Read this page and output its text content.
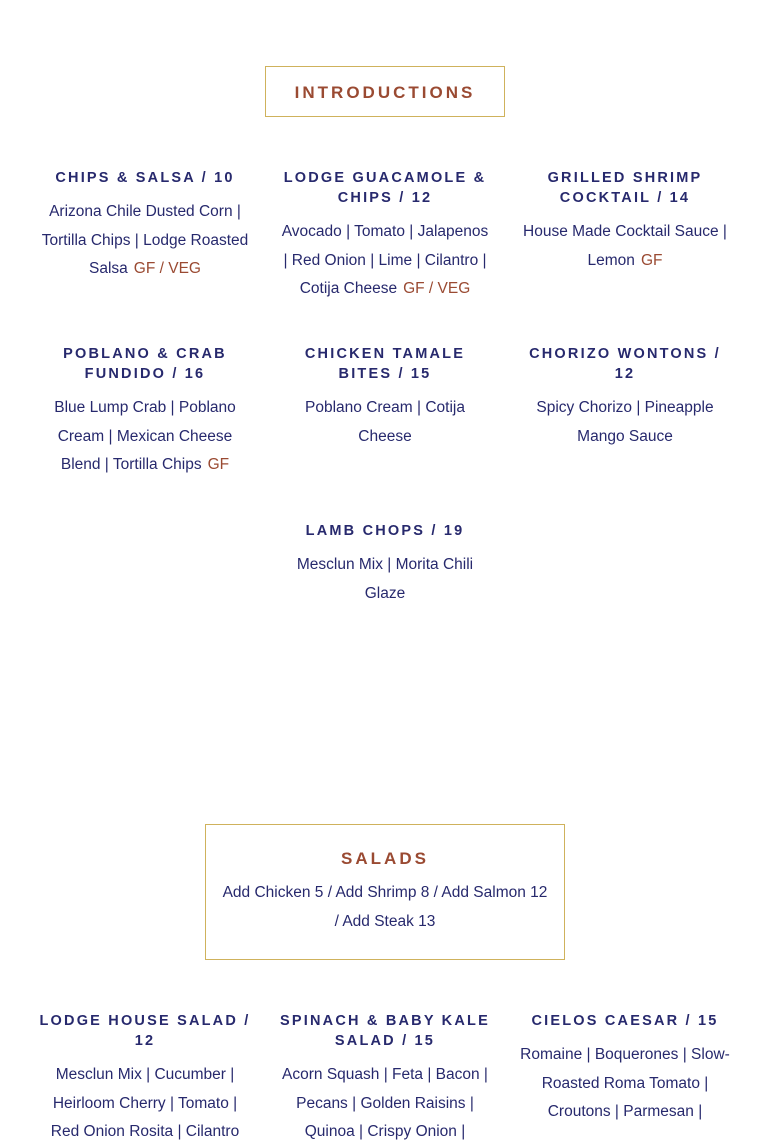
INTRODUCTIONS
CHIPS & SALSA / 10

Arizona Chile Dusted Corn | Tortilla Chips | Lodge Roasted Salsa GF / VEG

LODGE GUACAMOLE & CHIPS / 12

Avocado | Tomato | Jalapenos | Red Onion | Lime | Cilantro | Cotija Cheese GF / VEG

GRILLED SHRIMP COCKTAIL / 14

House Made Cocktail Sauce | Lemon GF

POBLANO & CRAB FUNDIDO / 16

Blue Lump Crab | Poblano Cream | Mexican Cheese Blend | Tortilla Chips GF

CHICKEN TAMALE BITES / 15

Poblano Cream | Cotija Cheese

CHORIZO WONTONS / 12

Spicy Chorizo | Pineapple Mango Sauce

LAMB CHOPS / 19

Mesclun Mix | Morita Chili Glaze

SALADS
Add Chicken 5 / Add Shrimp 8 / Add Salmon 12 / Add Steak 13
LODGE HOUSE SALAD / 12

Mesclun Mix | Cucumber | Heirloom Cherry | Tomato | Red Onion Rosita | Cilantro

SPINACH & BABY KALE SALAD / 15

Acorn Squash | Feta | Bacon | Pecans | Golden Raisins | Quinoa | Crispy Onion |

CIELOS CAESAR / 15

Romaine | Boquerones | Slow-Roasted Roma Tomato | Croutons | Parmesan |
